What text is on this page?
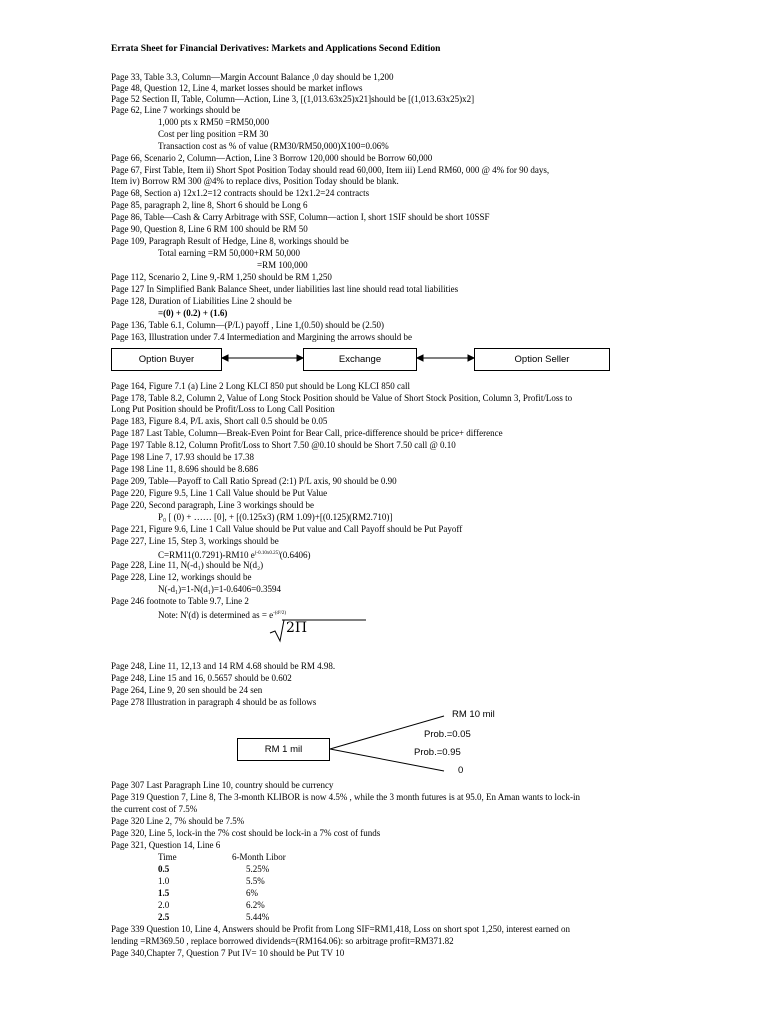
Errata Sheet for Financial Derivatives: Markets and Applications Second Edition
Page 33, Table 3.3, Column—Margin Account Balance ,0 day should be 1,200
Page 48, Question 12, Line 4, market losses should be market inflows
Page 52 Section II, Table, Column—Action, Line 3, [(1,013.63x25)x21]should be [(1,013.63x25)x2]
Page 62, Line 7 workings should be
1,000 pts x RM50 =RM50,000
Cost per ling position =RM 30
Transaction cost as % of value (RM30/RM50,000)X100=0.06%
Page 66, Scenario 2, Column—Action, Line 3 Borrow 120,000 should be Borrow 60,000
Page 67, First Table, Item ii) Short Spot Position Today should read 60,000, Item iii) Lend RM60, 000 @ 4% for 90 days,
Item iv) Borrow RM 300 @4% to replace divs, Position Today should be blank.
Page 68, Section a) 12x1.2=12 contracts should be 12x1.2=24 contracts
Page 85, paragraph 2, line 8, Short 6 should be Long 6
Page 86, Table—Cash & Carry Arbitrage with SSF, Column—action I, short 1SIF should be short 10SSF
Page 90, Question 8, Line 6 RM 100 should be RM 50
Page 109, Paragraph Result of Hedge, Line 8, workings should be
Total earning =RM 50,000+RM 50,000
=RM 100,000
Page 112, Scenario 2, Line 9,-RM 1,250 should be RM 1,250
Page 127 In Simplified Bank Balance Sheet, under liabilities last line should read total liabilities
Page 128, Duration of Liabilities Line 2 should be
=(0) + (0.2) + (1.6)
Page 136, Table 6.1, Column—(P/L) payoff , Line 1,(0.50) should be (2.50)
Page 163, Illustration under 7.4 Intermediation and Margining the arrows should be
Option Buyer	Exchange	Option Seller
Page 164, Figure 7.1 (a) Line 2 Long KLCI 850 put should be Long KLCI 850 call
Page 178, Table 8.2, Column 2, Value of Long Stock Position should be Value of Short Stock Position, Column 3, Profit/Loss to
Long Put Position should be Profit/Loss to Long Call Position
Page 183, Figure 8.4, P/L axis, Short call 0.5 should be 0.05
Page 187 Last Table, Column—Break-Even Point for Bear Call, price-difference should be price+ difference
Page 197 Table 8.12, Column Profit/Loss to Short 7.50 @0.10 should be Short 7.50 call @ 0.10
Page 198 Line 7, 17.93 should be 17.38
Page 198 Line 11, 8.696 should be 8.686
Page 209, Table—Payoff to Call Ratio Spread (2:1) P/L axis, 90 should be 0.90
Page 220, Figure 9.5, Line 1 Call Value should be Put Value
Page 220, Second paragraph, Line 3 workings should be
P₀ [ (0) + …… [0], + [(0.125x3) (RM 1.09)+[(0.125)(RM2.710)]
Page 221, Figure 9.6, Line 1 Call Value should be Put value and Call Payoff should be Put Payoff
Page 227, Line 15, Step 3, workings should be
C=RM11(0.7291)-RM10 $e^{(-0.10x0.25)}(0.6406)$
Page 228, Line 11, N(-d₁) should be N(d₂)
Page 228, Line 12, workings should be
N(-d₁)=1-N(d₁)=1-0.6406=0.3594
Page 246 footnote to Table 9.7, Line 2
Note: N'(d) is determined as = $e^{-(d^2/2)}$
2Π
Page 248, Line 11, 12,13 and 14 RM 4.68 should be RM 4.98.
Page 248, Line 15 and 16, 0.5657 should be 0.602
Page 264, Line 9, 20 sen should be 24 sen
Page 278 Illustration in paragraph 4 should be as follows
RM 1 mil
RM 10 mil
Prob.=0.05
Prob.=0.95
0
Page 307 Last Paragraph Line 10, country should be currency
Page 319 Question 7, Line 8, The 3-month KLIBOR is now 4.5% , while the 3 month futures is at 95.0, En Aman wants to lock-in
the current cost of 7.5%
Page 320 Line 2, 7% should be 7.5%
Page 320, Line 5, lock-in the 7% cost should be lock-in a 7% cost of funds
Page 321, Question 14, Line 6
Time	6-Month Libor
0.5	5.25%
1.0	5.5%
1.5	6%
2.0	6.2%
2.5	5.44%
Page 339 Question 10, Line 4, Answers should be Profit from Long SIF=RM1,418, Loss on short spot 1,250, interest earned on
lending =RM369.50 , replace borrowed dividends=(RM164.06): so arbitrage profit=RM371.82
Page 340,Chapter 7, Question 7 Put IV= 10 should be Put TV 10
